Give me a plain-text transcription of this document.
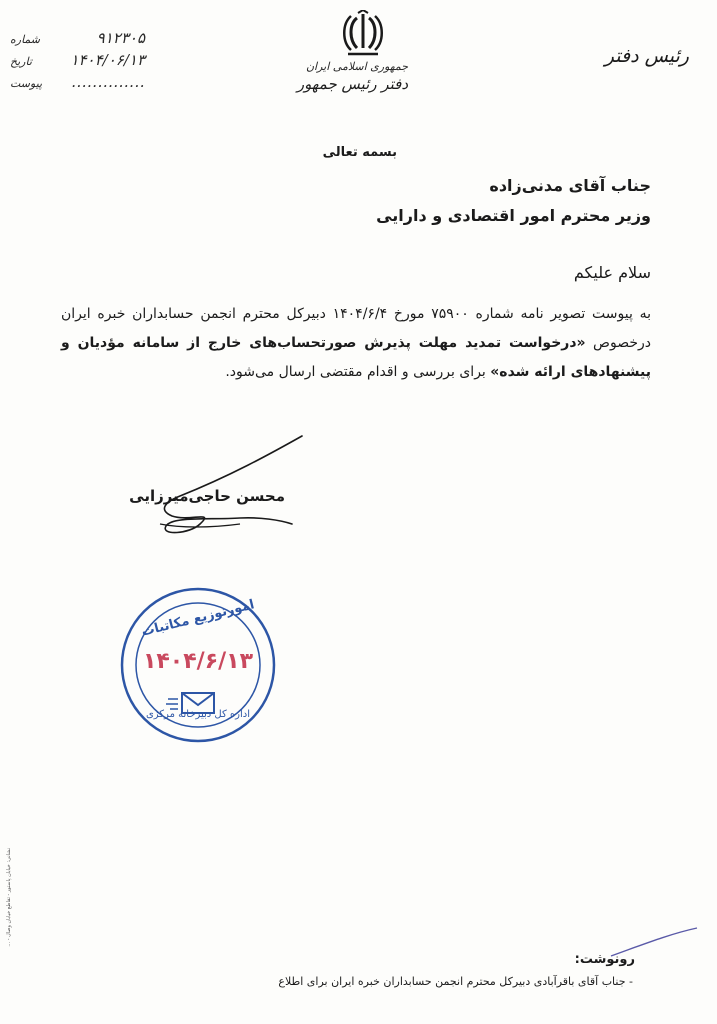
۹۱۲۳۰۵
شماره
۱۴۰۴/۰۶/۱۳
تاریخ
..............
پیوست
جمهوری اسلامی ایران
دفتر رئیس جمهور
رئیس دفتر
بسمه تعالی
جناب آقای مدنی‌زاده
وزیر محترم امور اقتصادی و دارایی
سلام علیکم
به پیوست تصویر نامه شماره ۷۵۹۰۰ مورخ ۱۴۰۴/۶/۴ دبیرکل محترم انجمن حسابداران خبره ایران درخصوص «درخواست تمدید مهلت پذیرش صورتحساب‌های خارج از سامانه مؤدیان و پیشنهادهای ارائه شده» برای بررسی و اقدام مقتضی ارسال می‌شود.
محسن حاجی‌میرزایی
امورتوزیع مکاتبات
۱۴۰۴/۶/۱۳
اداره کل دبیرخانه مرکزی
رونوشت:
- جناب آقای باقرآبادی دبیرکل محترم انجمن حسابداران خبره ایران برای اطلاع
نشانی: خیابان پاستور - تقاطع خیابان وصال - ...
